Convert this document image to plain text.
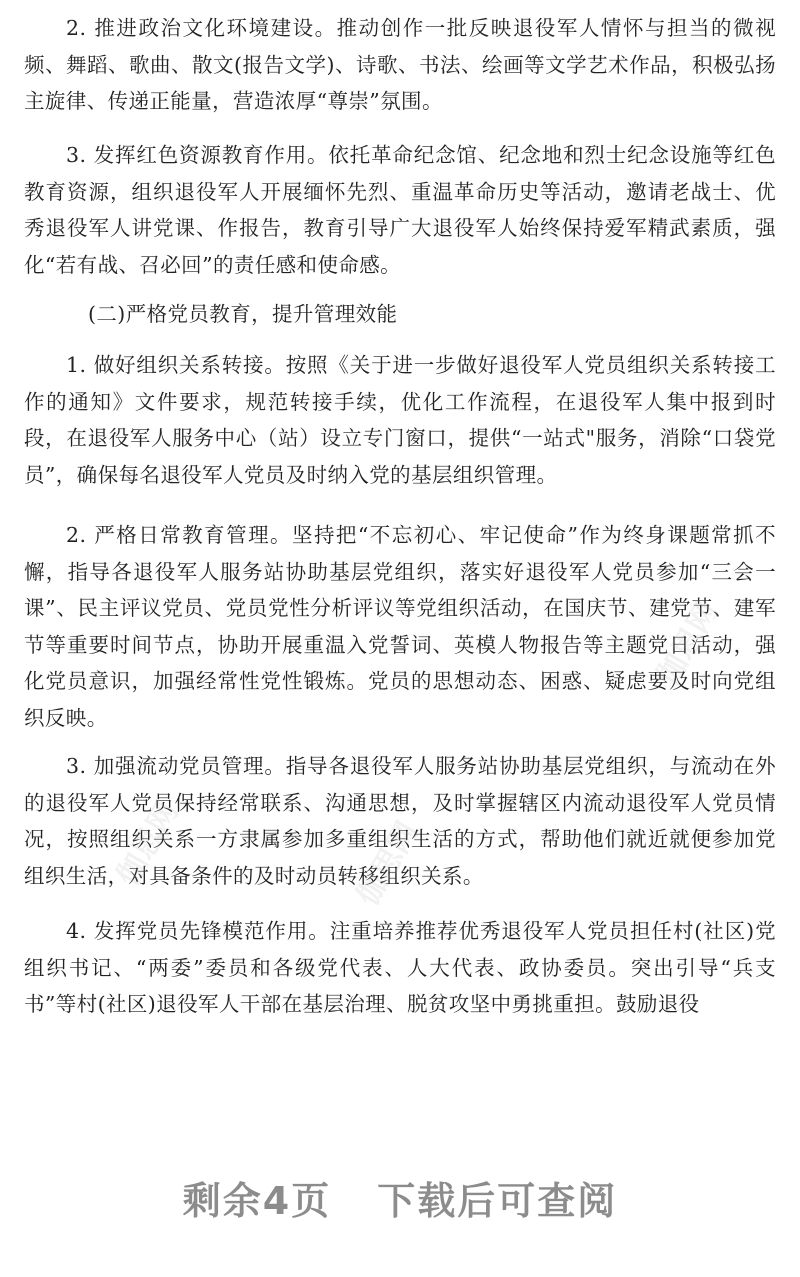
2. 推进政治文化环境建设。推动创作一批反映退役军人情怀与担当的微视频、舞蹈、歌曲、散文(报告文学)、诗歌、书法、绘画等文学艺术作品，积极弘扬主旋律、传递正能量，营造浓厚“尊崇”氛围。

3. 发挥红色资源教育作用。依托革命纪念馆、纪念地和烈士纪念设施等红色教育资源，组织退役军人开展缅怀先烈、重温革命历史等活动，邀请老战士、优秀退役军人讲党课、作报告，教育引导广大退役军人始终保持爱军精武素质，强化“若有战、召必回”的责任感和使命感。

(二)严格党员教育，提升管理效能

1. 做好组织关系转接。按照《关于进一步做好退役军人党员组织关系转接工作的通知》文件要求，规范转接手续，优化工作流程，在退役军人集中报到时段，在退役军人服务中心（站）设立专门窗口，提供“一站式"服务，消除“口袋党员”，确保每名退役军人党员及时纳入党的基层组织管理。

2. 严格日常教育管理。坚持把“不忘初心、牢记使命”作为终身课题常抓不懈，指导各退役军人服务站协助基层党组织，落实好退役军人党员参加“三会一课”、民主评议党员、党员党性分析评议等党组织活动，在国庆节、建党节、建军节等重要时间节点，协助开展重温入党誓词、英模人物报告等主题党日活动，强化党员意识，加强经常性党性锻炼。党员的思想动态、困惑、疑虑要及时向党组织反映。

3. 加强流动党员管理。指导各退役军人服务站协助基层党组织，与流动在外的退役军人党员保持经常联系、沟通思想，及时掌握辖区内流动退役军人党员情况，按照组织关系一方隶属参加多重组织生活的方式，帮助他们就近就便参加党组织生活，对具备条件的及时动员转移组织关系。

4. 发挥党员先锋模范作用。注重培养推荐优秀退役军人党员担任村(社区)党组织书记、“两委”委员和各级党代表、人大代表、政协委员。突出引导“兵支书”等村(社区)退役军人干部在基层治理、脱贫攻坚中勇挑重担。鼓励退役

伽思网
伽思网	伽思网
剩余4页 下载后可查阅
